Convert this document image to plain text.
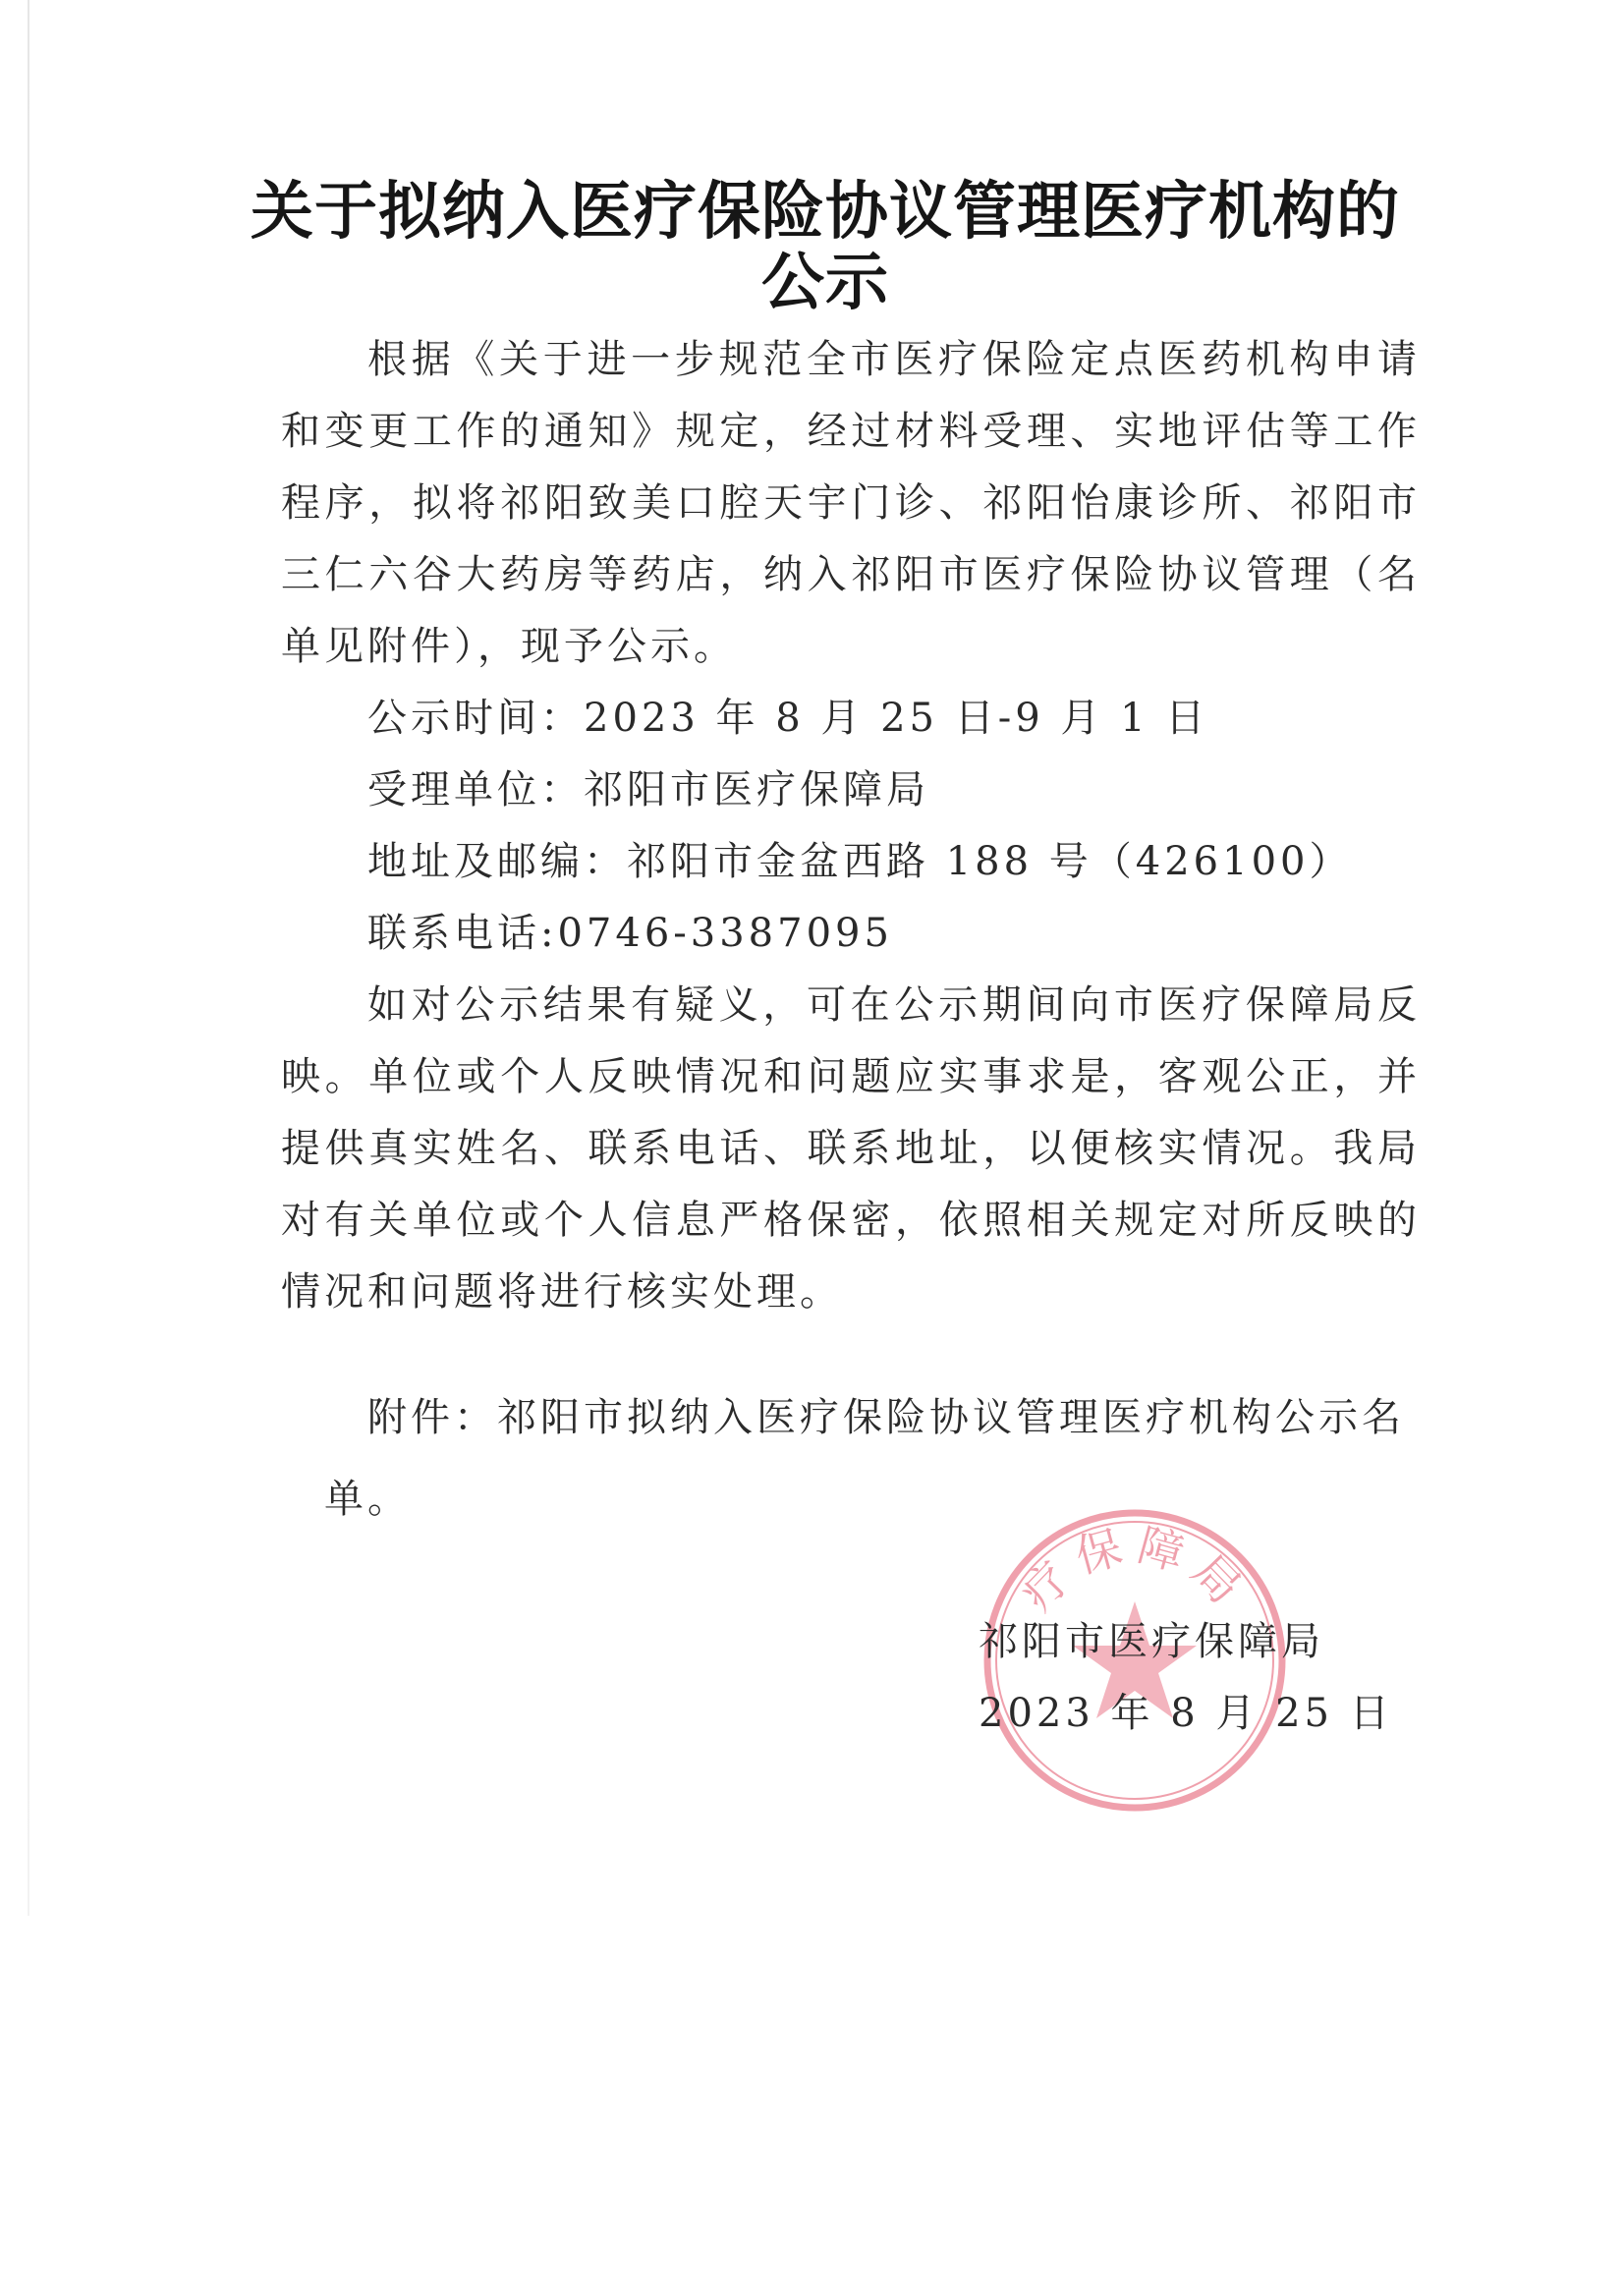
关于拟纳入医疗保险协议管理医疗机构的
公示

根据《关于进一步规范全市医疗保险定点医药机构申请和变更工作的通知》规定，经过材料受理、实地评估等工作程序，拟将祁阳致美口腔天宇门诊、祁阳怡康诊所、祁阳市三仁六谷大药房等药店，纳入祁阳市医疗保险协议管理（名单见附件），现予公示。

公示时间：2023 年 8 月 25 日-9 月 1 日

受理单位：祁阳市医疗保障局

地址及邮编：祁阳市金盆西路 188 号（426100）

联系电话:0746-3387095

如对公示结果有疑义，可在公示期间向市医疗保障局反映。单位或个人反映情况和问题应实事求是，客观公正，并提供真实姓名、联系电话、联系地址，以便核实情况。我局对有关单位或个人信息严格保密，依照相关规定对所反映的情况和问题将进行核实处理。

附件：祁阳市拟纳入医疗保险协议管理医疗机构公示名

单。
疗保障局
祁阳市医疗保障局
2023 年 8 月 25 日
